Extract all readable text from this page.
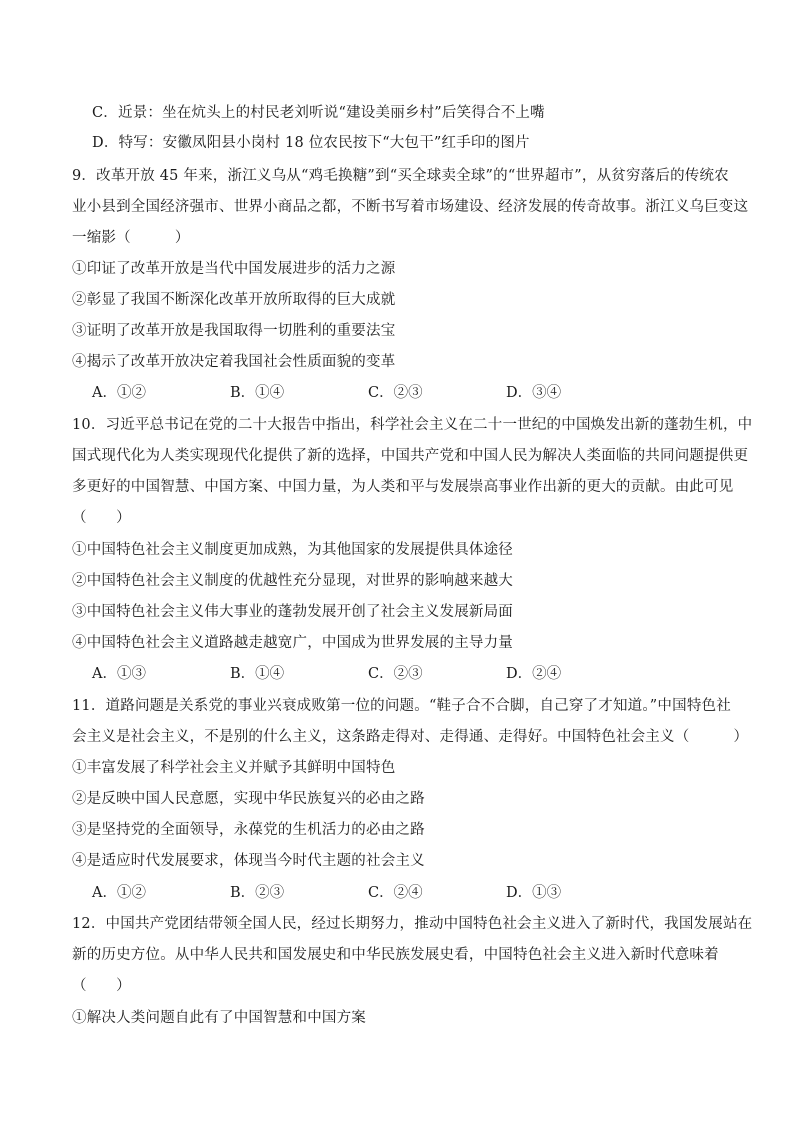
C．近景：坐在炕头上的村民老刘听说“建设美丽乡村”后笑得合不上嘴
D．特写：安徽凤阳县小岗村 18 位农民按下“大包干”红手印的图片
9．改革开放 45 年来，浙江义乌从“鸡毛换糖”到“买全球卖全球”的“世界超市”，从贫穷落后的传统农
业小县到全国经济强市、世界小商品之都，不断书写着市场建设、经济发展的传奇故事。浙江义乌巨变这
一缩影（　　　）
①印证了改革开放是当代中国发展进步的活力之源
②彰显了我国不断深化改革开放所取得的巨大成就
③证明了改革开放是我国取得一切胜利的重要法宝
④揭示了改革开放决定着我国社会性质面貌的变革
A．①②	B．①④	C．②③	D．③④
10．习近平总书记在党的二十大报告中指出，科学社会主义在二十一世纪的中国焕发出新的蓬勃生机，中
国式现代化为人类实现现代化提供了新的选择，中国共产党和中国人民为解决人类面临的共同问题提供更
多更好的中国智慧、中国方案、中国力量，为人类和平与发展崇高事业作出新的更大的贡献。由此可见
（　　）
①中国特色社会主义制度更加成熟，为其他国家的发展提供具体途径
②中国特色社会主义制度的优越性充分显现，对世界的影响越来越大
③中国特色社会主义伟大事业的蓬勃发展开创了社会主义发展新局面
④中国特色社会主义道路越走越宽广，中国成为世界发展的主导力量
A．①③	B．①④	C．②③	D．②④
11．道路问题是关系党的事业兴衰成败第一位的问题。“鞋子合不合脚，自己穿了才知道。”中国特色社
会主义是社会主义，不是别的什么主义，这条路走得对、走得通、走得好。中国特色社会主义（　　　）
①丰富发展了科学社会主义并赋予其鲜明中国特色
②是反映中国人民意愿，实现中华民族复兴的必由之路
③是坚持党的全面领导，永葆党的生机活力的必由之路
④是适应时代发展要求，体现当今时代主题的社会主义
A．①②	B．②③	C．②④	D．①③
12．中国共产党团结带领全国人民，经过长期努力，推动中国特色社会主义进入了新时代，我国发展站在
新的历史方位。从中华人民共和国发展史和中华民族发展史看，中国特色社会主义进入新时代意味着
（　　）
①解决人类问题自此有了中国智慧和中国方案
